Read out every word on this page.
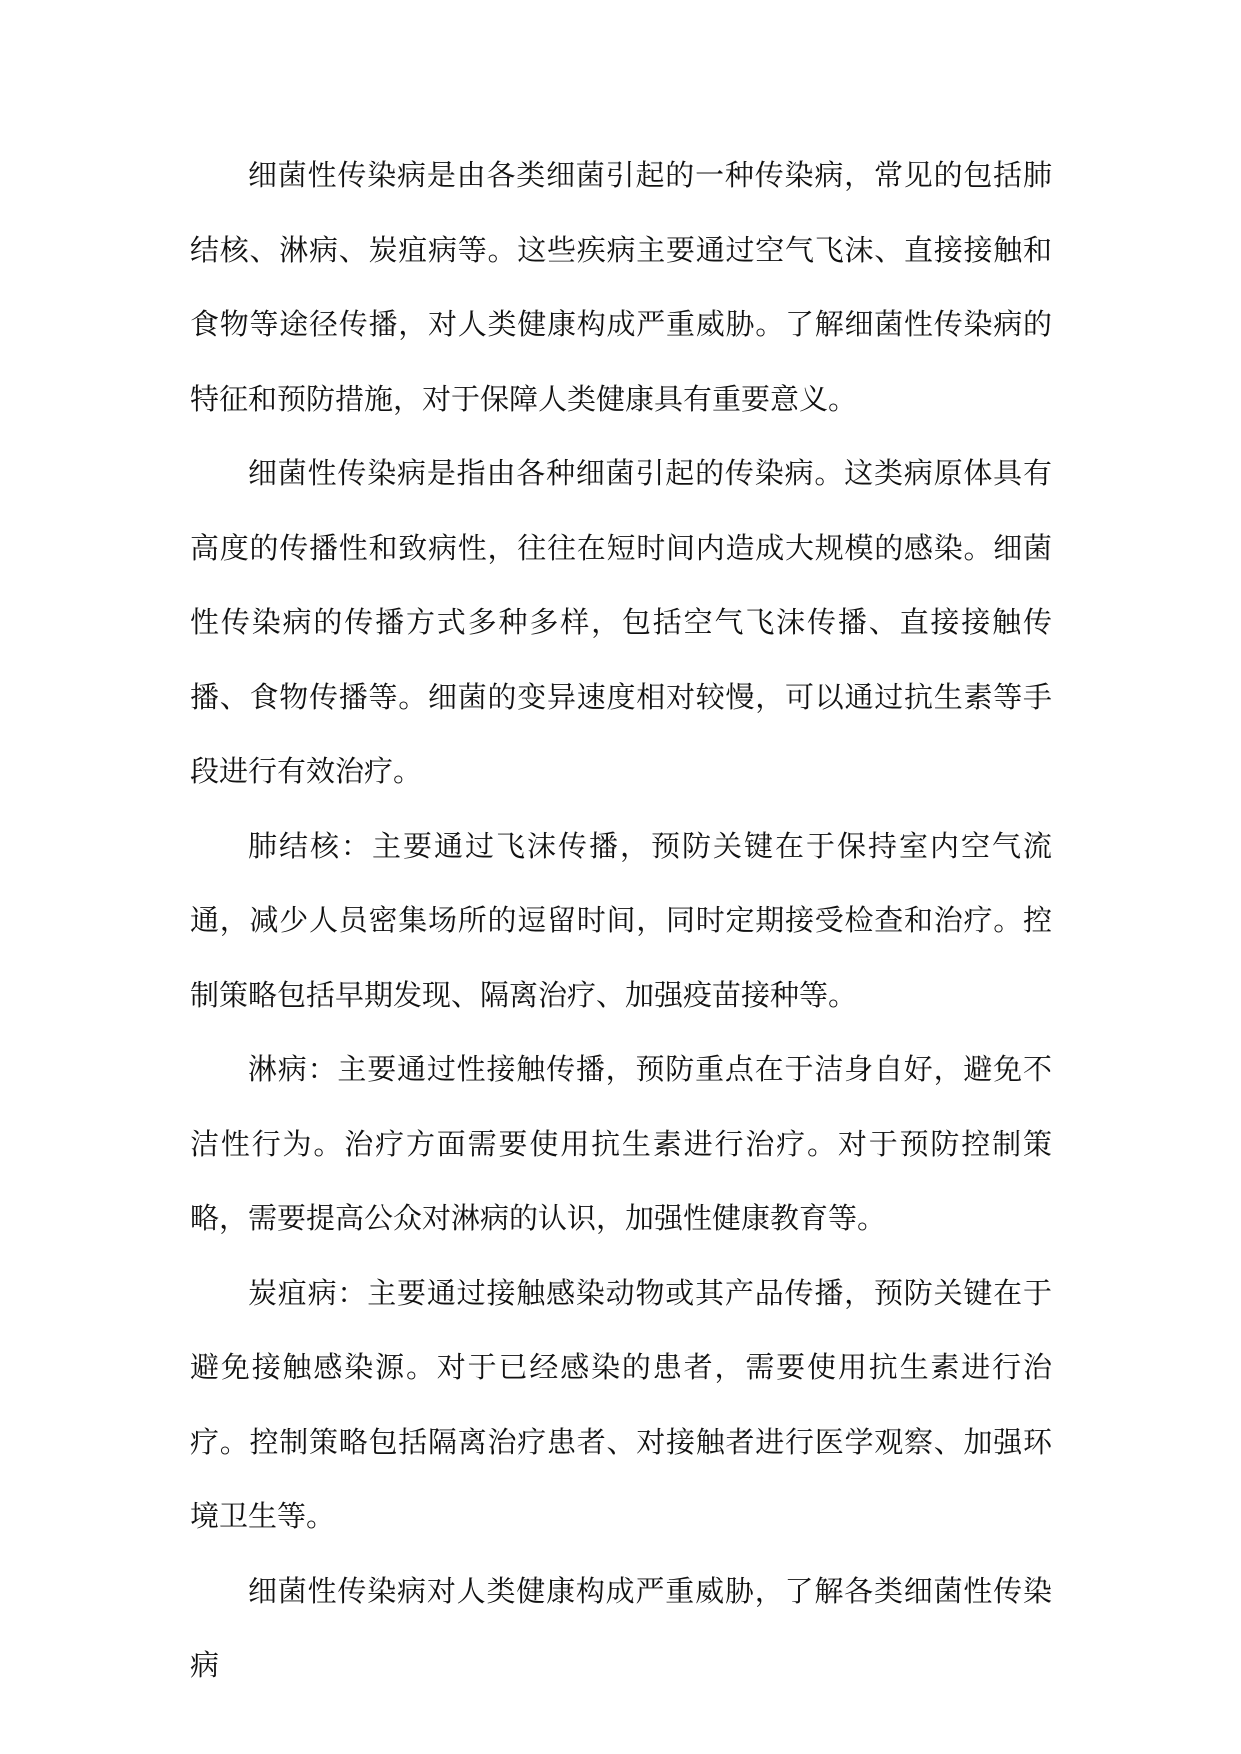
细菌性传染病是由各类细菌引起的一种传染病，常见的包括肺结核、淋病、炭疽病等。这些疾病主要通过空气飞沫、直接接触和食物等途径传播，对人类健康构成严重威胁。了解细菌性传染病的特征和预防措施，对于保障人类健康具有重要意义。

细菌性传染病是指由各种细菌引起的传染病。这类病原体具有高度的传播性和致病性，往往在短时间内造成大规模的感染。细菌性传染病的传播方式多种多样，包括空气飞沫传播、直接接触传播、食物传播等。细菌的变异速度相对较慢，可以通过抗生素等手段进行有效治疗。

肺结核：主要通过飞沫传播，预防关键在于保持室内空气流通，减少人员密集场所的逗留时间，同时定期接受检查和治疗。控制策略包括早期发现、隔离治疗、加强疫苗接种等。

淋病：主要通过性接触传播，预防重点在于洁身自好，避免不洁性行为。治疗方面需要使用抗生素进行治疗。对于预防控制策略，需要提高公众对淋病的认识，加强性健康教育等。

炭疽病：主要通过接触感染动物或其产品传播，预防关键在于避免接触感染源。对于已经感染的患者，需要使用抗生素进行治疗。控制策略包括隔离治疗患者、对接触者进行医学观察、加强环境卫生等。

细菌性传染病对人类健康构成严重威胁，了解各类细菌性传染病
